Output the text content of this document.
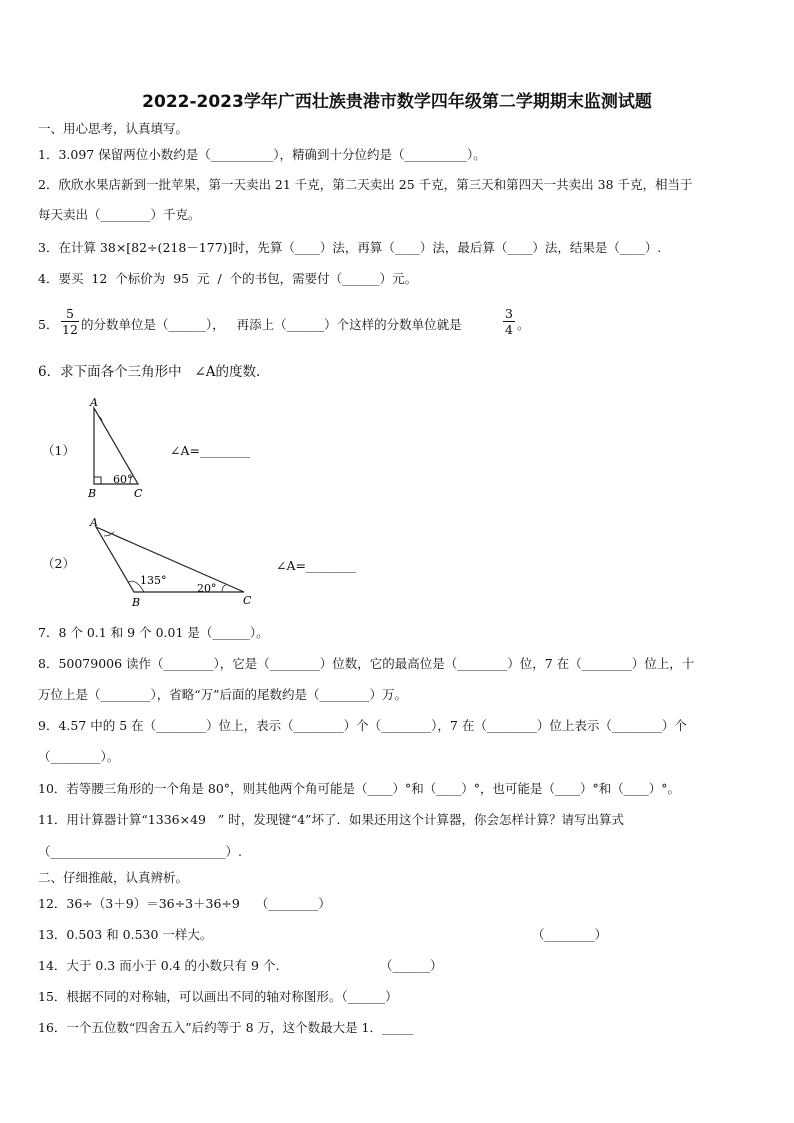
2022-2023学年广西壮族贵港市数学四年级第二学期期末监测试题
一、用心思考，认真填写。
1．3.097 保留两位小数约是（__________），精确到十分位约是（__________）。
2．欣欣水果店新到一批苹果，第一天卖出 21 千克，第二天卖出 25 千克，第三天和第四天一共卖出 38 千克，相当于
每天卖出（________）千克。
3．在计算 38×[82÷(218－177)]时，先算（____）法，再算（____）法，最后算（____）法，结果是（____）.
4．要买  12  个标价为  95  元  /  个的书包，需要付（______）元。
5． $\frac{5}{12}$ 的分数单位是（______），   再添上（______）个这样的分数单位就是	$\frac{3}{4}$ 。
6．求下面各个三角形中   ∠A的度数.
（1）
A
B	C
60°
∠A=________
（2）
A
B	C
135°
20°
∠A=________
7．8 个 0.1 和 9 个 0.01 是（______）。
8．50079006 读作（________），它是（________）位数，它的最高位是（________）位，7 在（________）位上，十
万位上是（________），省略“万”后面的尾数约是（________）万。
9．4.57 中的 5 在（________）位上，表示（________）个（________），7 在（________）位上表示（________）个
（________）。
10．若等腰三角形的一个角是 80°，则其他两个角可能是（____）°和（____）°，也可能是（____）°和（____）°。
11．用计算器计算“1336×49   ” 时，发现键“4”坏了．如果还用这个计算器，你会怎样计算？请写出算式
（____________________________）.
二、仔细推敲，认真辨析。
12．36÷（3＋9）＝36÷3＋36÷9    （________）
13．0.503 和 0.530 一样大。	（________）
14．大于 0.3 而小于 0.4 的小数只有 9 个.	（______）
15．根据不同的对称轴，可以画出不同的轴对称图形。（______）
16．一个五位数“四舍五入”后约等于 8 万，这个数最大是 1．_____
